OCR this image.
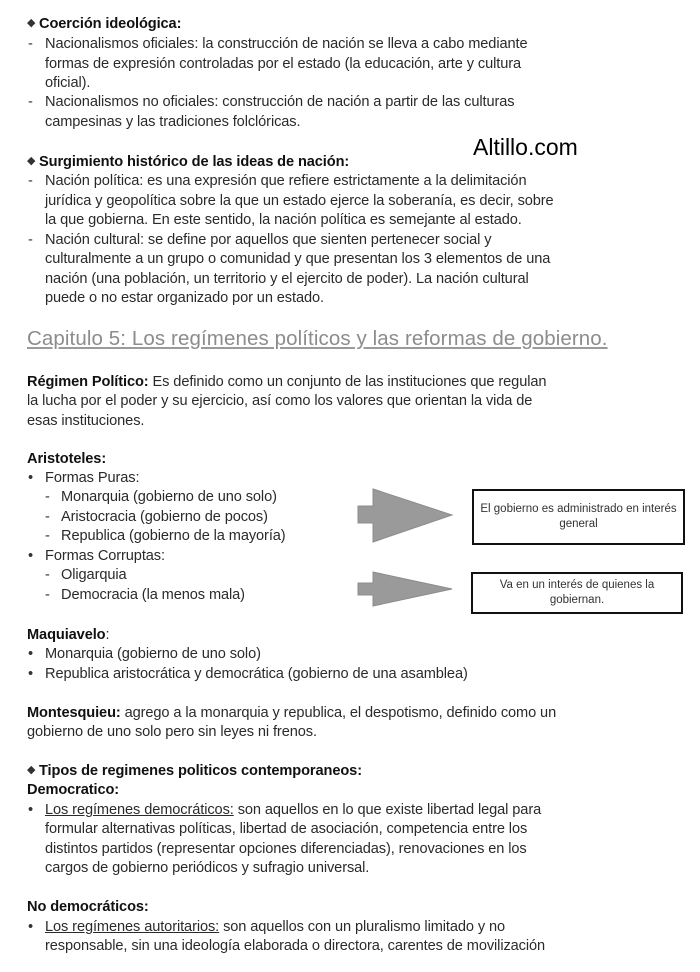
Altillo.com
◆ Coerción ideológica:
- Nacionalismos oficiales: la construcción de nación se lleva a cabo mediante
formas de expresión controladas por el estado (la educación, arte y cultura
oficial).
- Nacionalismos no oficiales: construcción de nación a partir de las culturas
campesinas y las tradiciones folclóricas.
◆ Surgimiento histórico de las ideas de nación:
- Nación política: es una expresión que refiere estrictamente a la delimitación
jurídica y geopolítica sobre la que un estado ejerce la soberanía, es decir, sobre
la que gobierna. En este sentido, la nación política es semejante al estado.
- Nación cultural: se define por aquellos que sienten pertenecer social y
culturalmente a un grupo o comunidad y que presentan los 3 elementos de una
nación (una población, un territorio y el ejercito de poder). La nación cultural
puede o no estar organizado por un estado.
Capitulo 5: Los regímenes políticos y las reformas de gobierno.
Régimen Político: Es definido como un conjunto de las instituciones que regulan
la lucha por el poder y su ejercicio, así como los valores que orientan la vida de
esas instituciones.
Aristoteles:
• Formas Puras:
- Monarquia (gobierno de uno solo)
- Aristocracia (gobierno de pocos)
- Republica (gobierno de la mayoría)
• Formas Corruptas:
- Oligarquia
- Democracia (la menos mala)
El gobierno es administrado en interés general
Va en un interés de quienes la gobiernan.
Maquiavelo:
• Monarquia (gobierno de uno solo)
• Republica aristocrática y democrática (gobierno de una asamblea)
Montesquieu: agrego a la monarquia y republica, el despotismo, definido como un
gobierno de uno solo pero sin leyes ni frenos.
◆ Tipos de regimenes politicos contemporaneos:
Democratico:
• Los regímenes democráticos: son aquellos en lo que existe libertad legal para
formular alternativas políticas, libertad de asociación, competencia entre los
distintos partidos (representar opciones diferenciadas), renovaciones en los
cargos de gobierno periódicos y sufragio universal.
No democráticos:
• Los regímenes autoritarios: son aquellos con un pluralismo limitado y no
responsable, sin una ideología elaborada o directora, carentes de movilización
